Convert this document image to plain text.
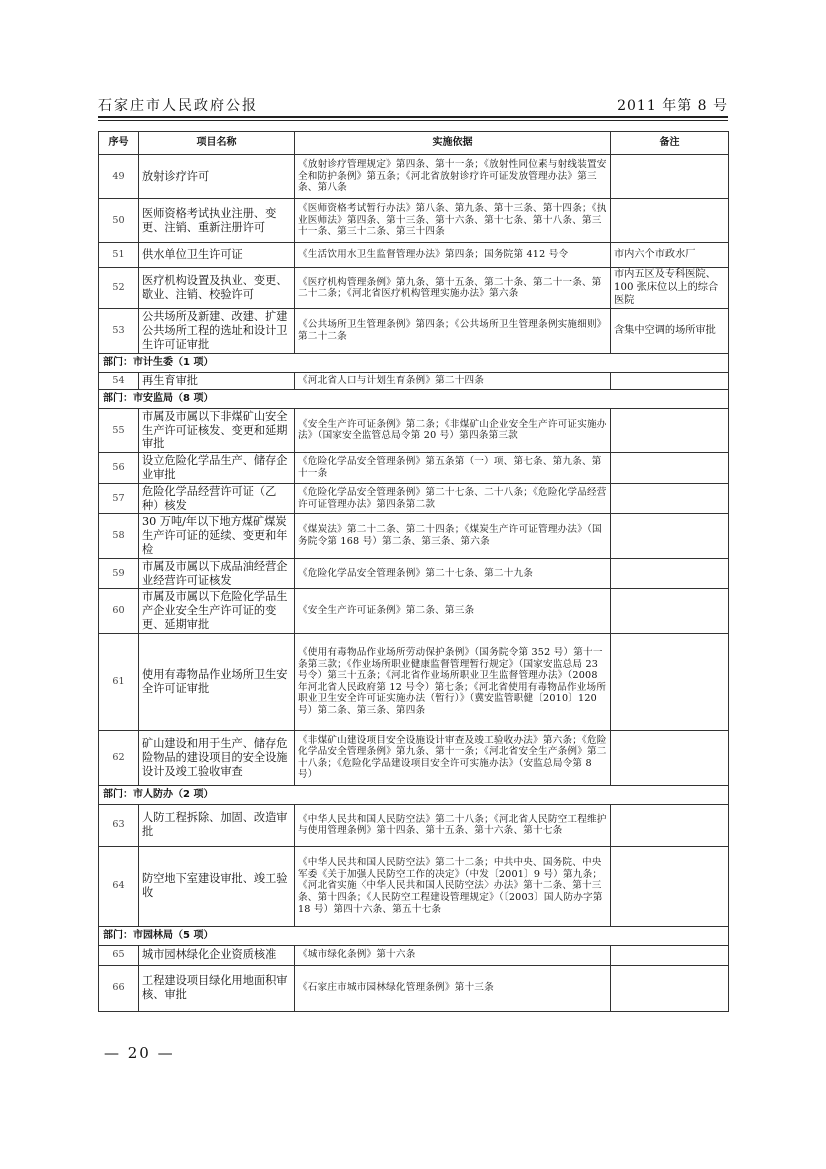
石家庄市人民政府公报	2011 年第 8 号
序号	项目名称	实施依据	备注
49	放射诊疗许可	《放射诊疗管理规定》第四条、第十一条；《放射性同位素与射线装置安全和防护条例》第五条；《河北省放射诊疗许可证发放管理办法》第三条、第八条	
50	医师资格考试执业注册、变更、注销、重新注册许可	《医师资格考试暂行办法》第八条、第九条、第十三条、第十四条；《执业医师法》第四条、第十三条、第十六条、第十七条、第十八条、第三十一条、第三十二条、第三十四条	
51	供水单位卫生许可证	《生活饮用水卫生监督管理办法》第四条；国务院第 412 号令	市内六个市政水厂
52	医疗机构设置及执业、变更、歇业、注销、校验许可	《医疗机构管理条例》第九条、第十五条、第二十条、第二十一条、第二十二条；《河北省医疗机构管理实施办法》第六条	市内五区及专科医院、100 张床位以上的综合医院
53	公共场所及新建、改建、扩建公共场所工程的选址和设计卫生许可证审批	《公共场所卫生管理条例》第四条；《公共场所卫生管理条例实施细则》第二十二条	含集中空调的场所审批
部门：市计生委（1 项）			
54	再生育审批	《河北省人口与计划生育条例》第二十四条	
部门：市安监局（8 项）			
55	市属及市属以下非煤矿山安全生产许可证核发、变更和延期审批	《安全生产许可证条例》第二条；《非煤矿山企业安全生产许可证实施办法》（国家安全监管总局令第 20 号）第四条第三款	
56	设立危险化学品生产、储存企业审批	《危险化学品安全管理条例》第五条第（一）项、第七条、第九条、第十一条	
57	危险化学品经营许可证（乙种）核发	《危险化学品安全管理条例》第二十七条、二十八条；《危险化学品经营许可证管理办法》第四条第二款	
58	30 万吨/年以下地方煤矿煤炭生产许可证的延续、变更和年检	《煤炭法》第二十二条、第二十四条；《煤炭生产许可证管理办法》（国务院令第 168 号）第二条、第三条、第六条	
59	市属及市属以下成品油经营企业经营许可证核发	《危险化学品安全管理条例》第二十七条、第二十九条	
60	市属及市属以下危险化学品生产企业安全生产许可证的变更、延期审批	《安全生产许可证条例》第二条、第三条	
61	使用有毒物品作业场所卫生安全许可证审批	《使用有毒物品作业场所劳动保护条例》（国务院令第 352 号）第十一条第三款；《作业场所职业健康监督管理暂行规定》（国家安监总局 23 号令）第三十五条；《河北省作业场所职业卫生监督管理办法》（2008 年河北省人民政府第 12 号令）第七条；《河北省使用有毒物品作业场所职业卫生安全许可证实施办法（暂行）》（冀安监管职健〔2010〕120 号）第二条、第三条、第四条	
62	矿山建设和用于生产、储存危险物品的建设项目的安全设施设计及竣工验收审查	《非煤矿山建设项目安全设施设计审查及竣工验收办法》第六条；《危险化学品安全管理条例》第九条、第十一条；《河北省安全生产条例》第二十八条；《危险化学品建设项目安全许可实施办法》（安监总局令第 8 号）	
部门：市人防办（2 项）			
63	人防工程拆除、加固、改造审批	《中华人民共和国人民防空法》第二十八条；《河北省人民防空工程维护与使用管理条例》第十四条、第十五条、第十六条、第十七条	
64	防空地下室建设审批、竣工验收	《中华人民共和国人民防空法》第二十二条；中共中央、国务院、中央军委《关于加强人民防空工作的决定》（中发〔2001〕9 号）第九条；《河北省实施〈中华人民共和国人民防空法〉办法》第十二条、第十三条、第十四条；《人民防空工程建设管理规定》（〔2003〕国人防办字第 18 号）第四十六条、第五十七条	
部门：市园林局（5 项）			
65	城市园林绿化企业资质核准	《城市绿化条例》第十六条	
66	工程建设项目绿化用地面积审核、审批	《石家庄市城市园林绿化管理条例》第十三条	
— 20 —
